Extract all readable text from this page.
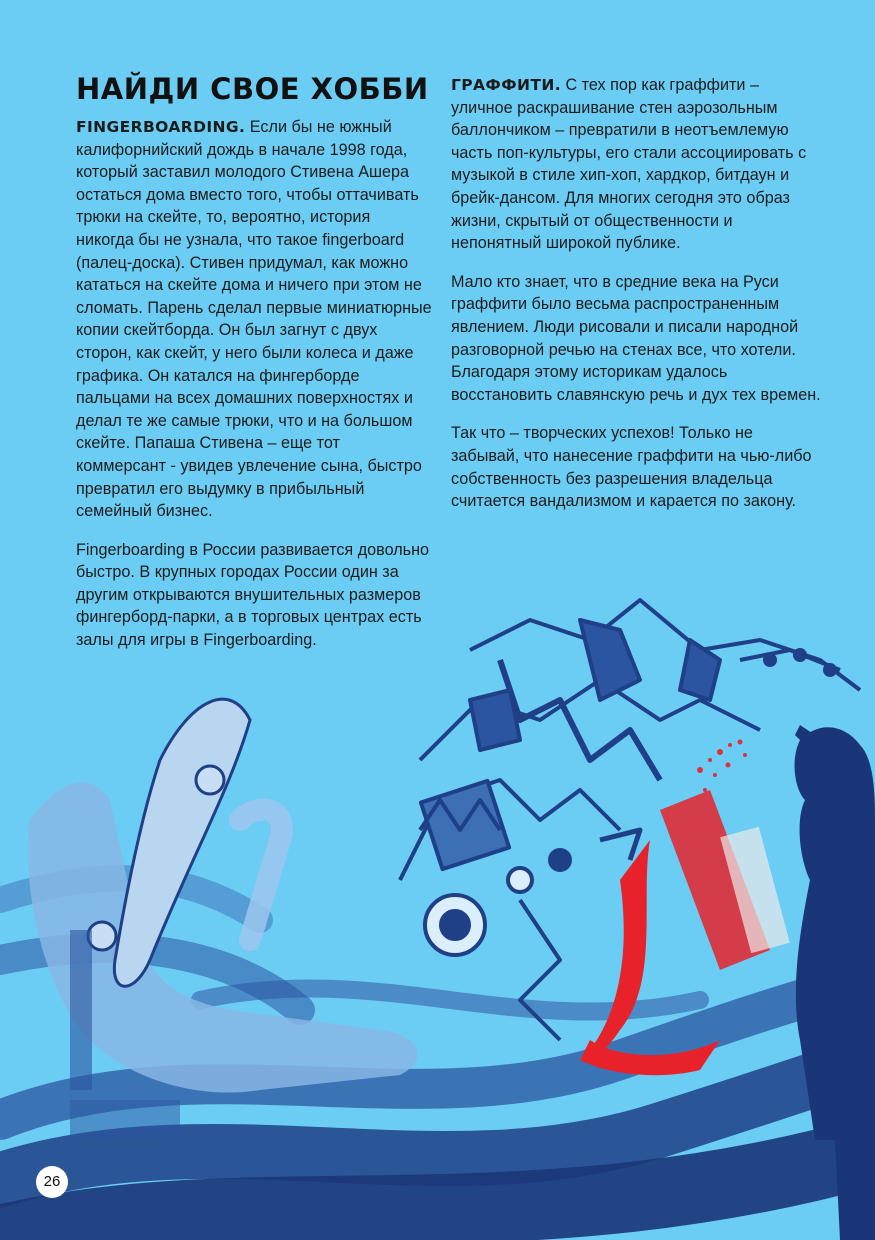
НАЙДИ СВОЕ ХОББИ

FINGERBOARDING. Если бы не южный калифорнийский дождь в начале 1998 года, который заставил молодого Стивена Ашера остаться дома вместо того, чтобы оттачивать трюки на скейте, то, вероятно, история никогда бы не узнала, что такое fingerboard (палец-доска). Стивен придумал, как можно кататься на скейте дома и ничего при этом не сломать. Парень сделал первые миниатюрные копии скейтборда. Он был загнут с двух сторон, как скейт, у него были колеса и даже графика. Он катался на фингерборде пальцами на всех домашних поверхностях и делал те же самые трюки, что и на большом скейте. Папаша Стивена – еще тот коммерсант - увидев увлечение сына, быстро превратил его выдумку в прибыльный семейный бизнес.

Fingerboarding в России развивается довольно быстро. В крупных городах России один за другим открываются внушительных размеров фингерборд-парки, а в торговых центрах есть залы для игры в Fingerboarding.

ГРАФФИТИ. С тех пор как граффити – уличное раскрашивание стен аэрозольным баллончиком – превратили в неотъемлемую часть поп-культуры, его стали ассоциировать с музыкой в стиле хип-хоп, хардкор, битдаун и брейк-дансом. Для многих сегодня это образ жизни, скрытый от общественности и непонятный широкой публике.

Мало кто знает, что в средние века на Руси граффити было весьма распространенным явлением. Люди рисовали и писали народной разговорной речью на стенах все, что хотели. Благодаря этому историкам удалось восстановить славянскую речь и дух тех времен.

Так что – творческих успехов! Только не забывай, что нанесение граффити на чью-либо собственность без разрешения владельца считается вандализмом и карается по закону.

26
